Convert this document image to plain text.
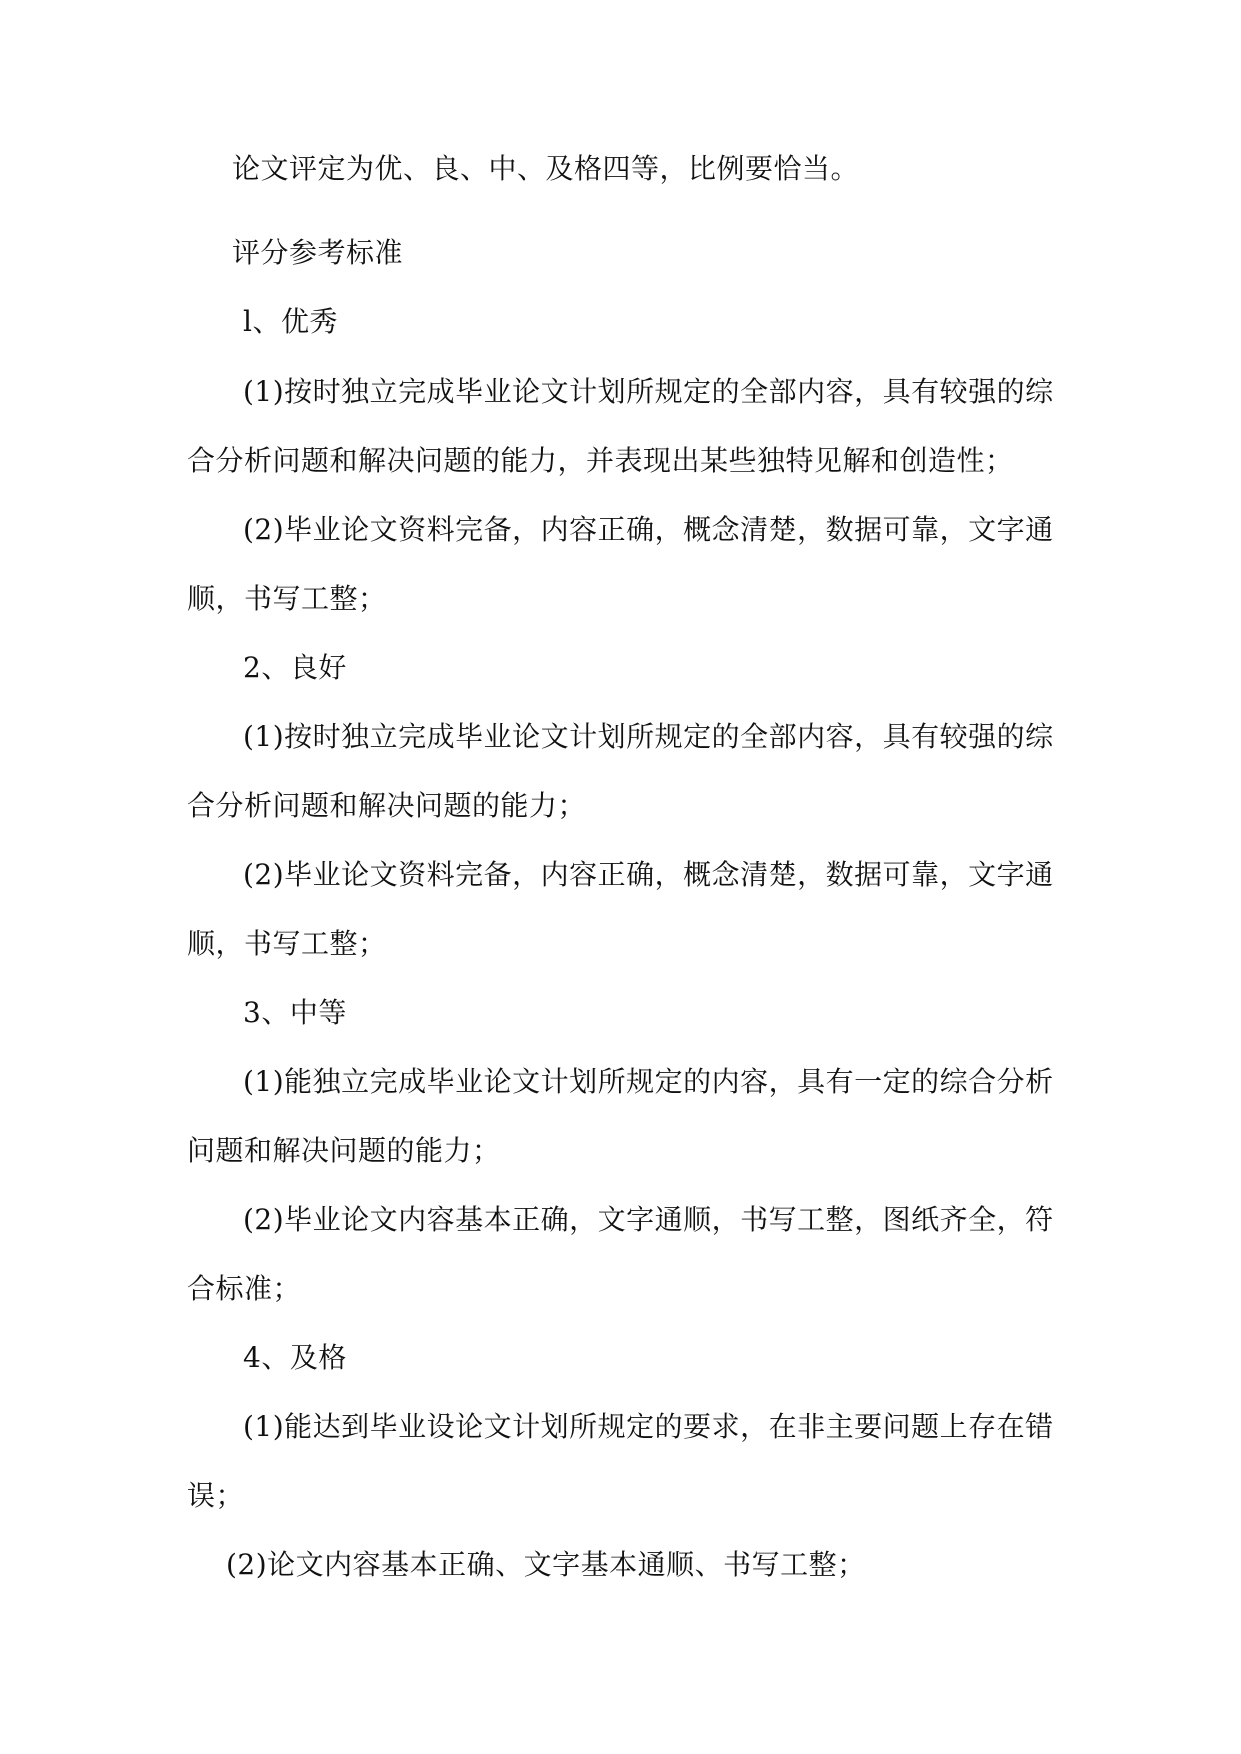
论文评定为优、良、中、及格四等，比例要恰当。
评分参考标准
l、优秀
(1)按时独立完成毕业论文计划所规定的全部内容，具有较强的综
合分析问题和解决问题的能力，并表现出某些独特见解和创造性；
(2)毕业论文资料完备，内容正确，概念清楚，数据可靠，文字通
顺，书写工整；
2、良好
(1)按时独立完成毕业论文计划所规定的全部内容，具有较强的综
合分析问题和解决问题的能力；
(2)毕业论文资料完备，内容正确，概念清楚，数据可靠，文字通
顺，书写工整；
3、中等
(1)能独立完成毕业论文计划所规定的内容，具有一定的综合分析
问题和解决问题的能力；
(2)毕业论文内容基本正确，文字通顺，书写工整，图纸齐全，符
合标准；
4、及格
(1)能达到毕业设论文计划所规定的要求，在非主要问题上存在错
误；
(2)论文内容基本正确、文字基本通顺、书写工整；
